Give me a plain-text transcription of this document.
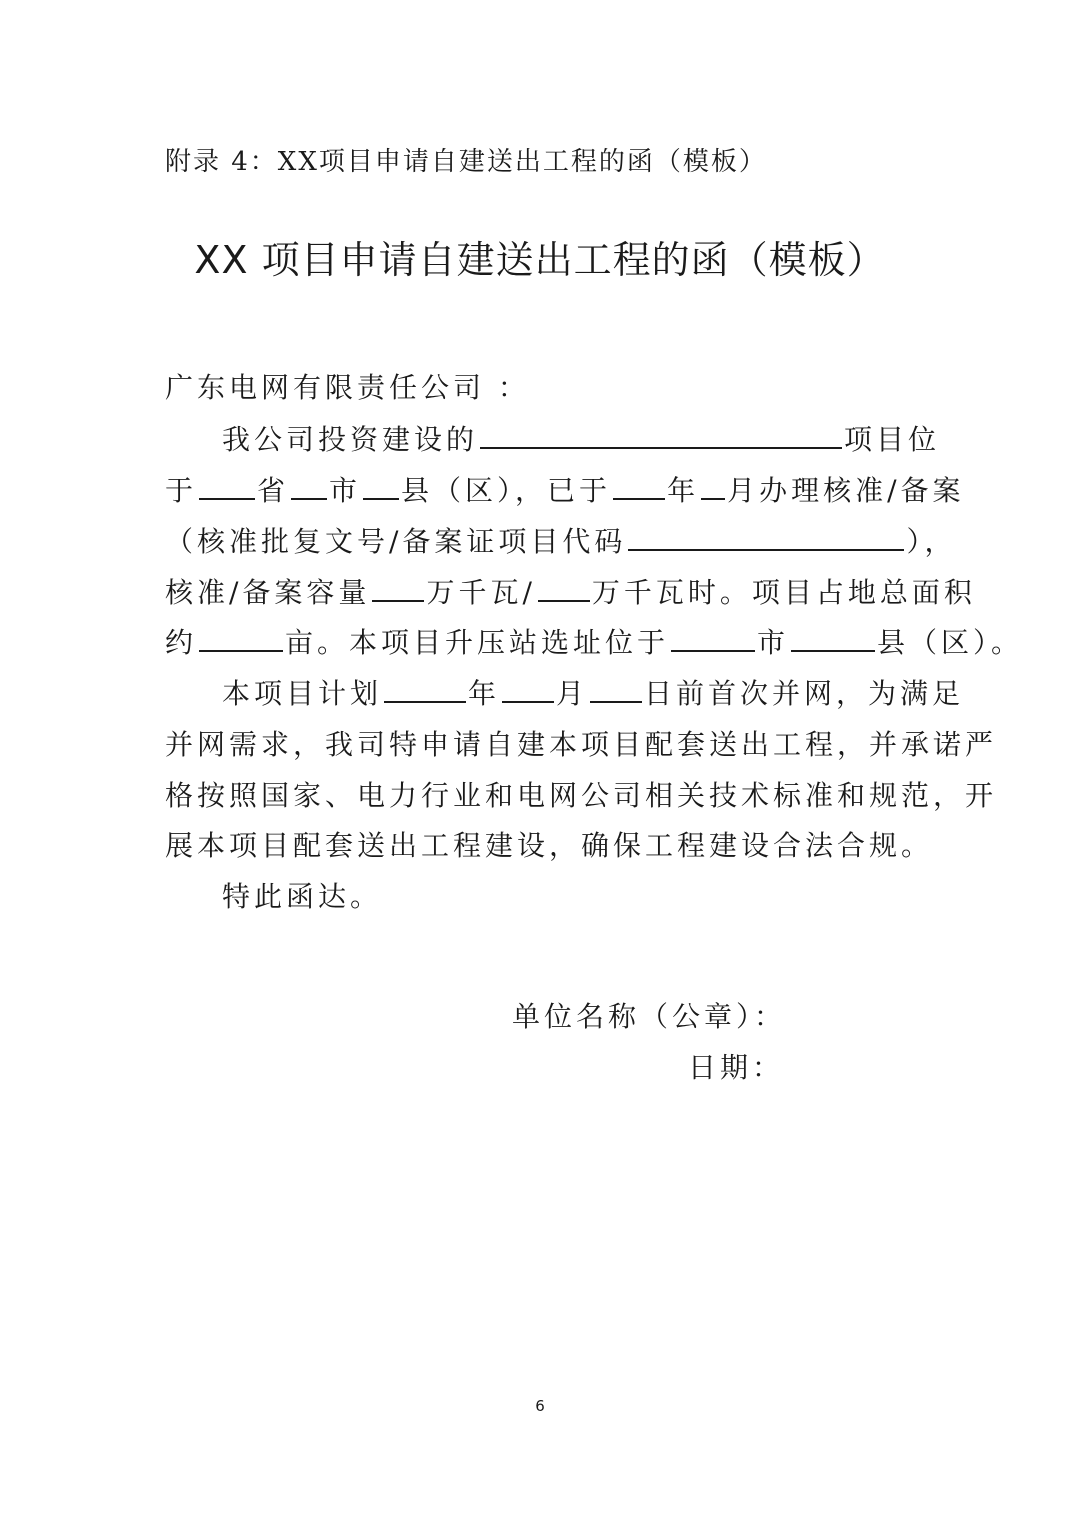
附录 4：XX项目申请自建送出工程的函（模板）
XX 项目申请自建送出工程的函（模板）
广东电网有限责任公司 ：
我公司投资建设的	项目位
于 省 市 县（区），已于 年 月办理核准/备案
（核准批复文号/备案证项目代码	），
核准/备案容量 万千瓦/ 万千瓦时。项目占地总面积
约	亩。本项目升压站选址位于	市	县（区）。
本项目计划	年 月 日前首次并网，为满足
并网需求，我司特申请自建本项目配套送出工程，并承诺严
格按照国家、电力行业和电网公司相关技术标准和规范，开
展本项目配套送出工程建设，确保工程建设合法合规。
特此函达。
单位名称（公章）：
日期：
6
